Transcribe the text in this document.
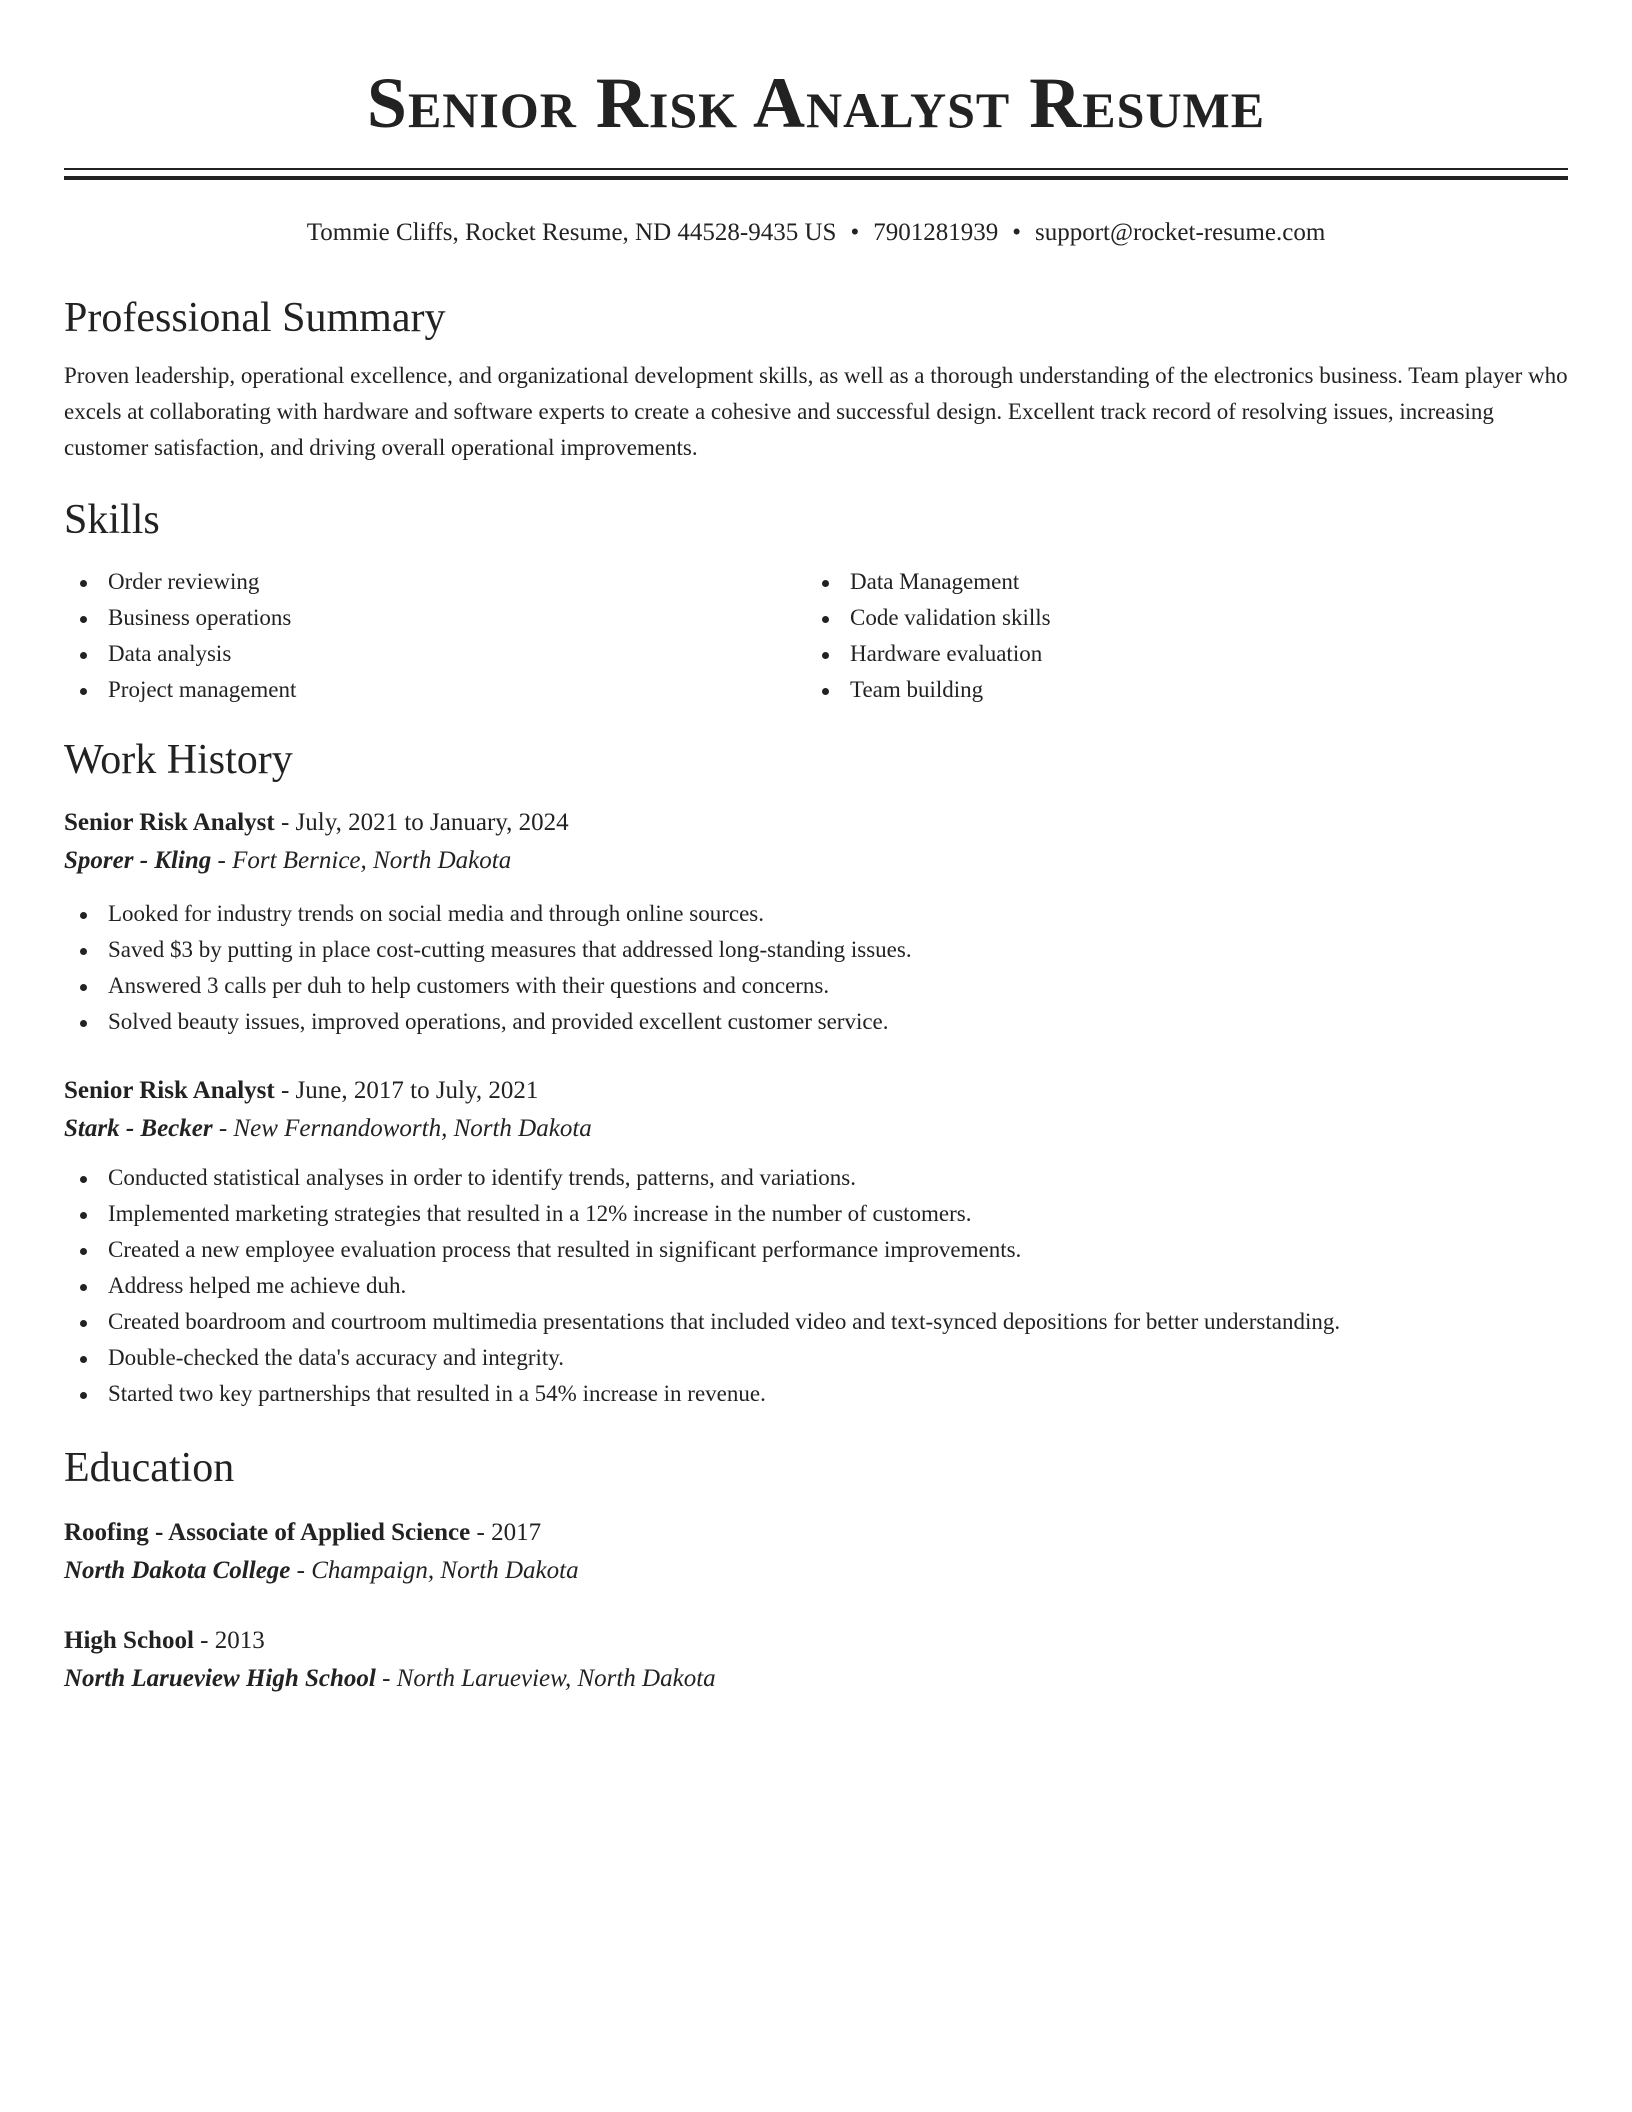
Senior Risk Analyst Resume
Tommie Cliffs, Rocket Resume, ND 44528-9435 US • 7901281939 • support@rocket-resume.com
Professional Summary
Proven leadership, operational excellence, and organizational development skills, as well as a thorough understanding of the electronics business. Team player who excels at collaborating with hardware and software experts to create a cohesive and successful design. Excellent track record of resolving issues, increasing customer satisfaction, and driving overall operational improvements.
Skills
Order reviewing
Business operations
Data analysis
Project management
Data Management
Code validation skills
Hardware evaluation
Team building
Work History
Senior Risk Analyst - July, 2021 to January, 2024
Sporer - Kling - Fort Bernice, North Dakota
Looked for industry trends on social media and through online sources.
Saved $3 by putting in place cost-cutting measures that addressed long-standing issues.
Answered 3 calls per duh to help customers with their questions and concerns.
Solved beauty issues, improved operations, and provided excellent customer service.
Senior Risk Analyst - June, 2017 to July, 2021
Stark - Becker - New Fernandoworth, North Dakota
Conducted statistical analyses in order to identify trends, patterns, and variations.
Implemented marketing strategies that resulted in a 12% increase in the number of customers.
Created a new employee evaluation process that resulted in significant performance improvements.
Address helped me achieve duh.
Created boardroom and courtroom multimedia presentations that included video and text-synced depositions for better understanding.
Double-checked the data's accuracy and integrity.
Started two key partnerships that resulted in a 54% increase in revenue.
Education
Roofing - Associate of Applied Science - 2017
North Dakota College - Champaign, North Dakota
High School - 2013
North Larueview High School - North Larueview, North Dakota
